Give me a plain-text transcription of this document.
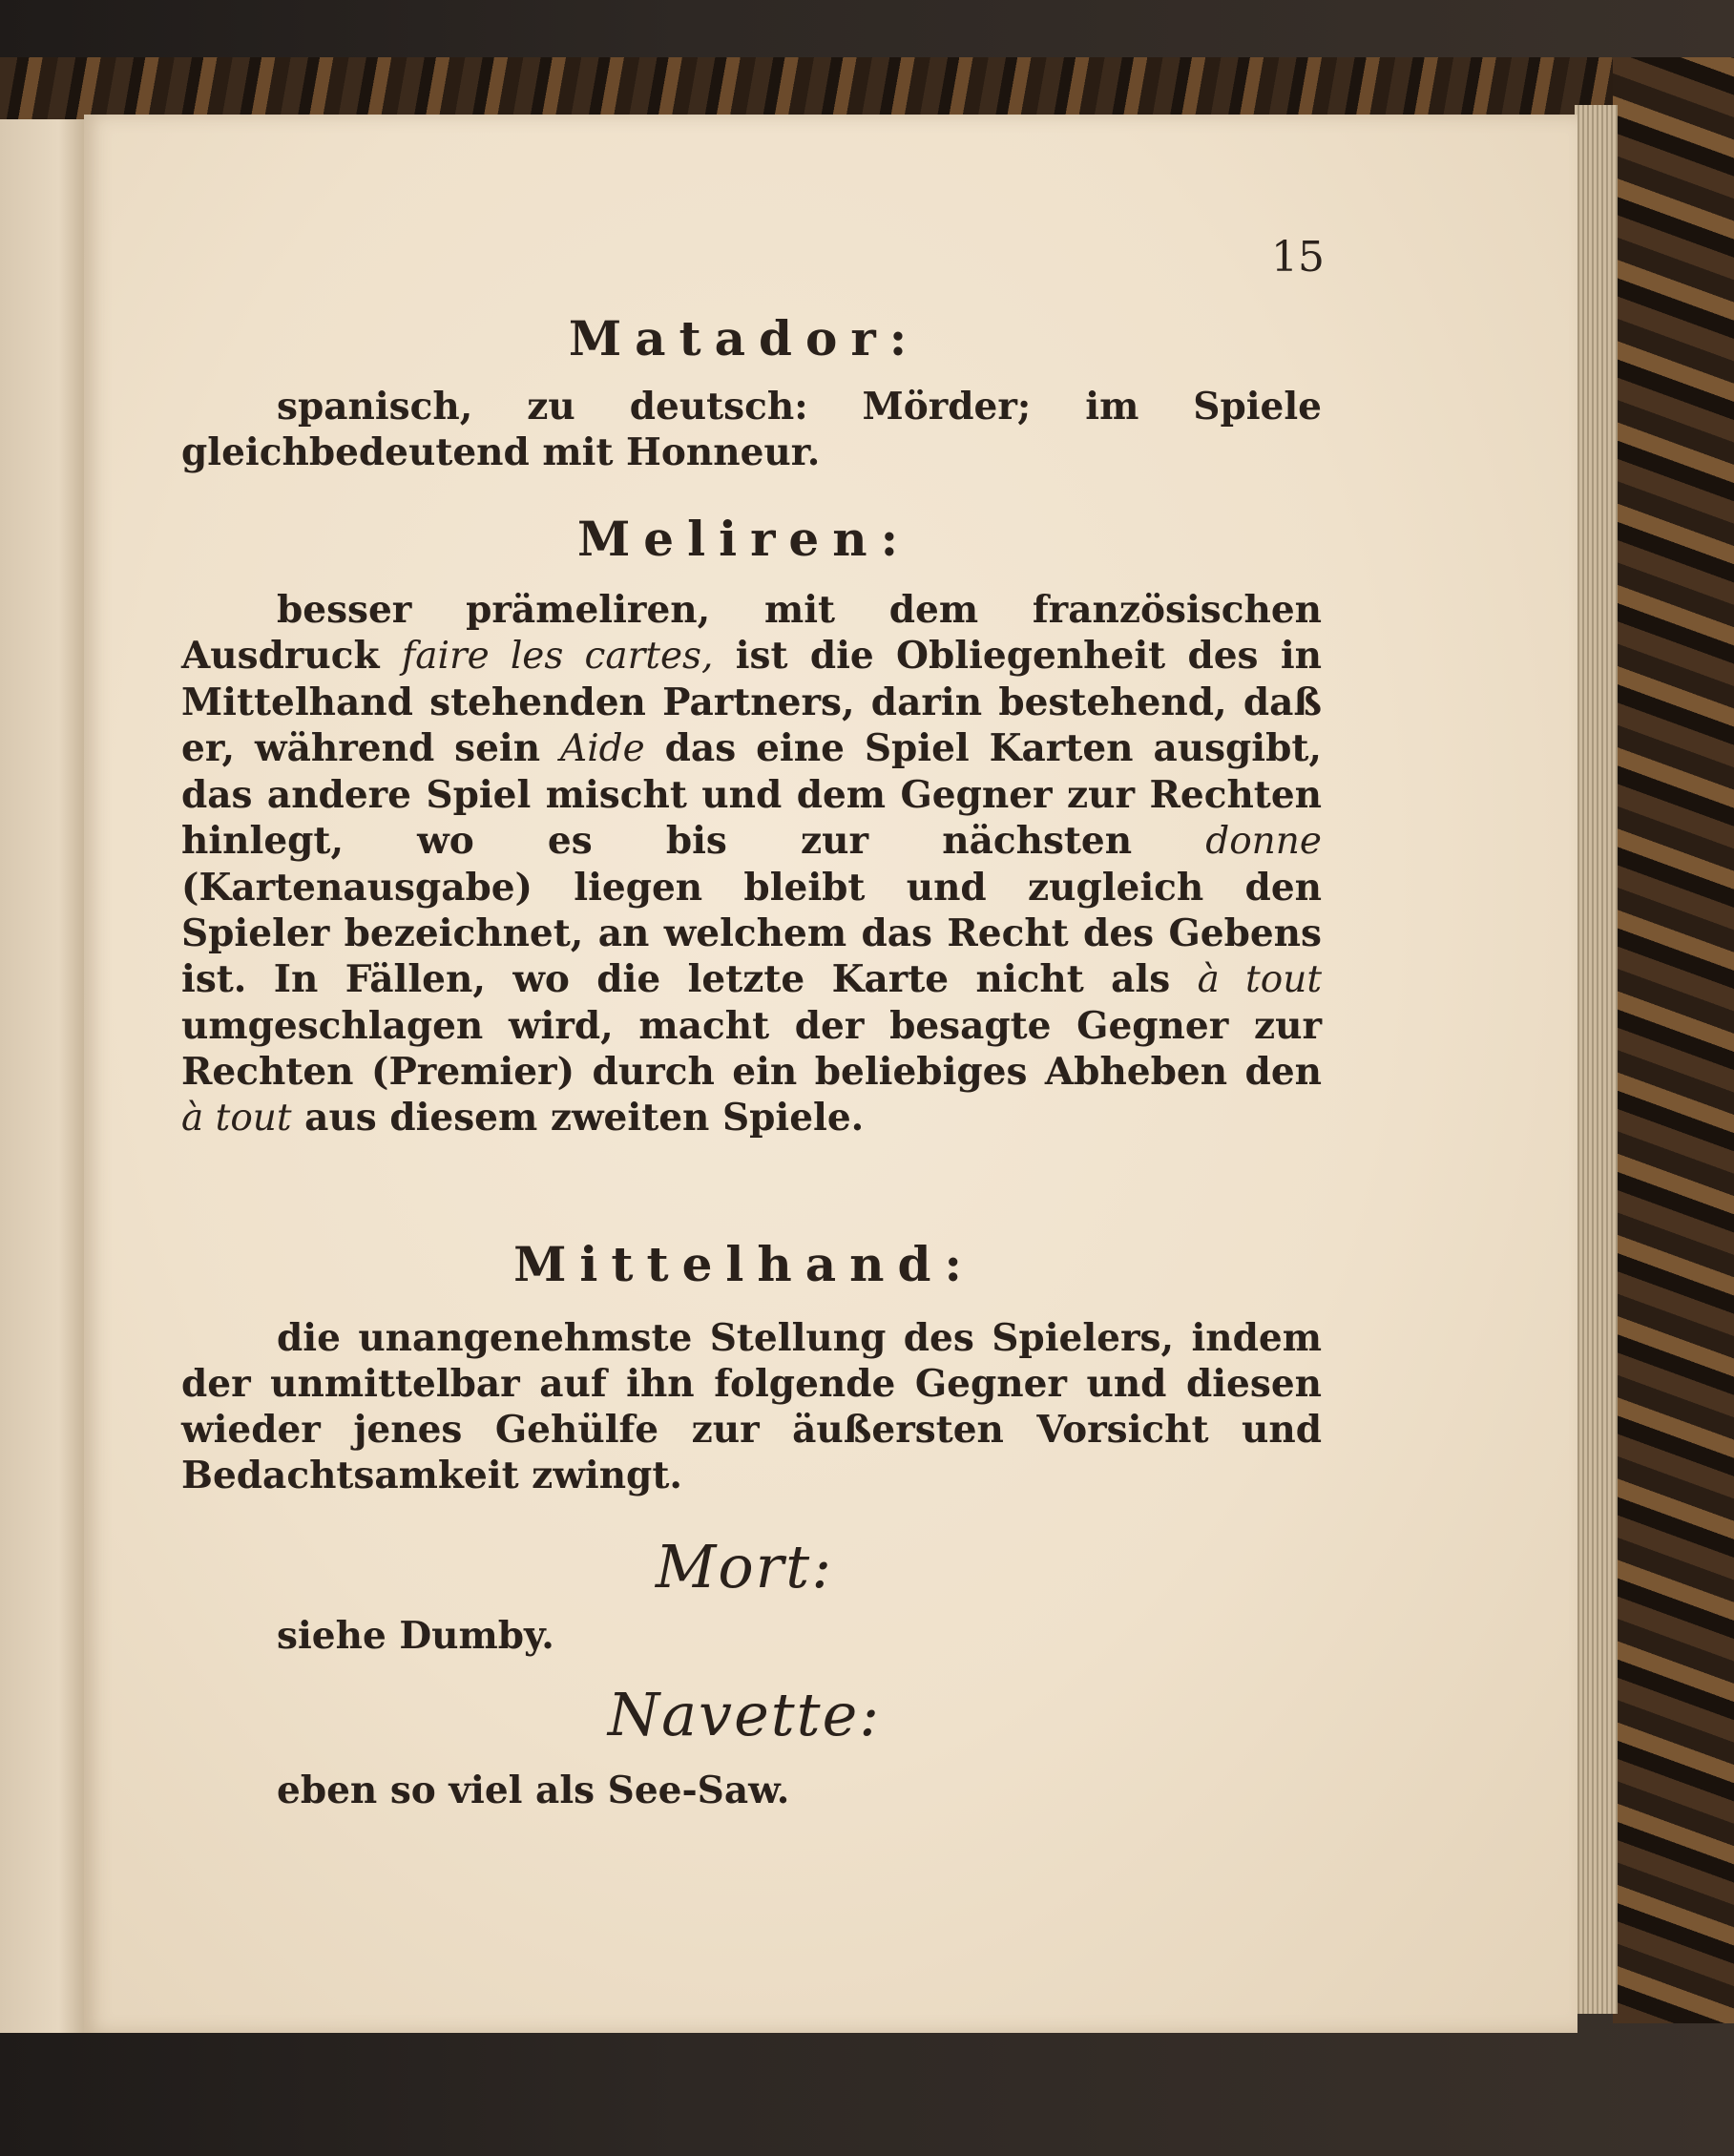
15
Matador:
spanisch, zu deutsch: Mörder; im Spiele gleichbedeutend mit Honneur.
Meliren:
besser prämeliren, mit dem französischen Ausdruck faire les cartes, ist die Obliegenheit des in Mittelhand stehenden Partners, darin bestehend, daß er, während sein Aide das eine Spiel Karten ausgibt, das andere Spiel mischt und dem Gegner zur Rechten hinlegt, wo es bis zur nächsten donne (Kartenausgabe) liegen bleibt und zugleich den Spieler bezeichnet, an welchem das Recht des Gebens ist. In Fällen, wo die letzte Karte nicht als à tout umgeschlagen wird, macht der besagte Gegner zur Rechten (Premier) durch ein beliebiges Abheben den à tout aus diesem zweiten Spiele.
Mittelhand:
die unangenehmste Stellung des Spielers, indem der unmittelbar auf ihn folgende Gegner und diesen wieder jenes Gehülfe zur äußersten Vorsicht und Bedachtsamkeit zwingt.
Mort:
siehe Dumby.
Navette:
eben so viel als See-Saw.
